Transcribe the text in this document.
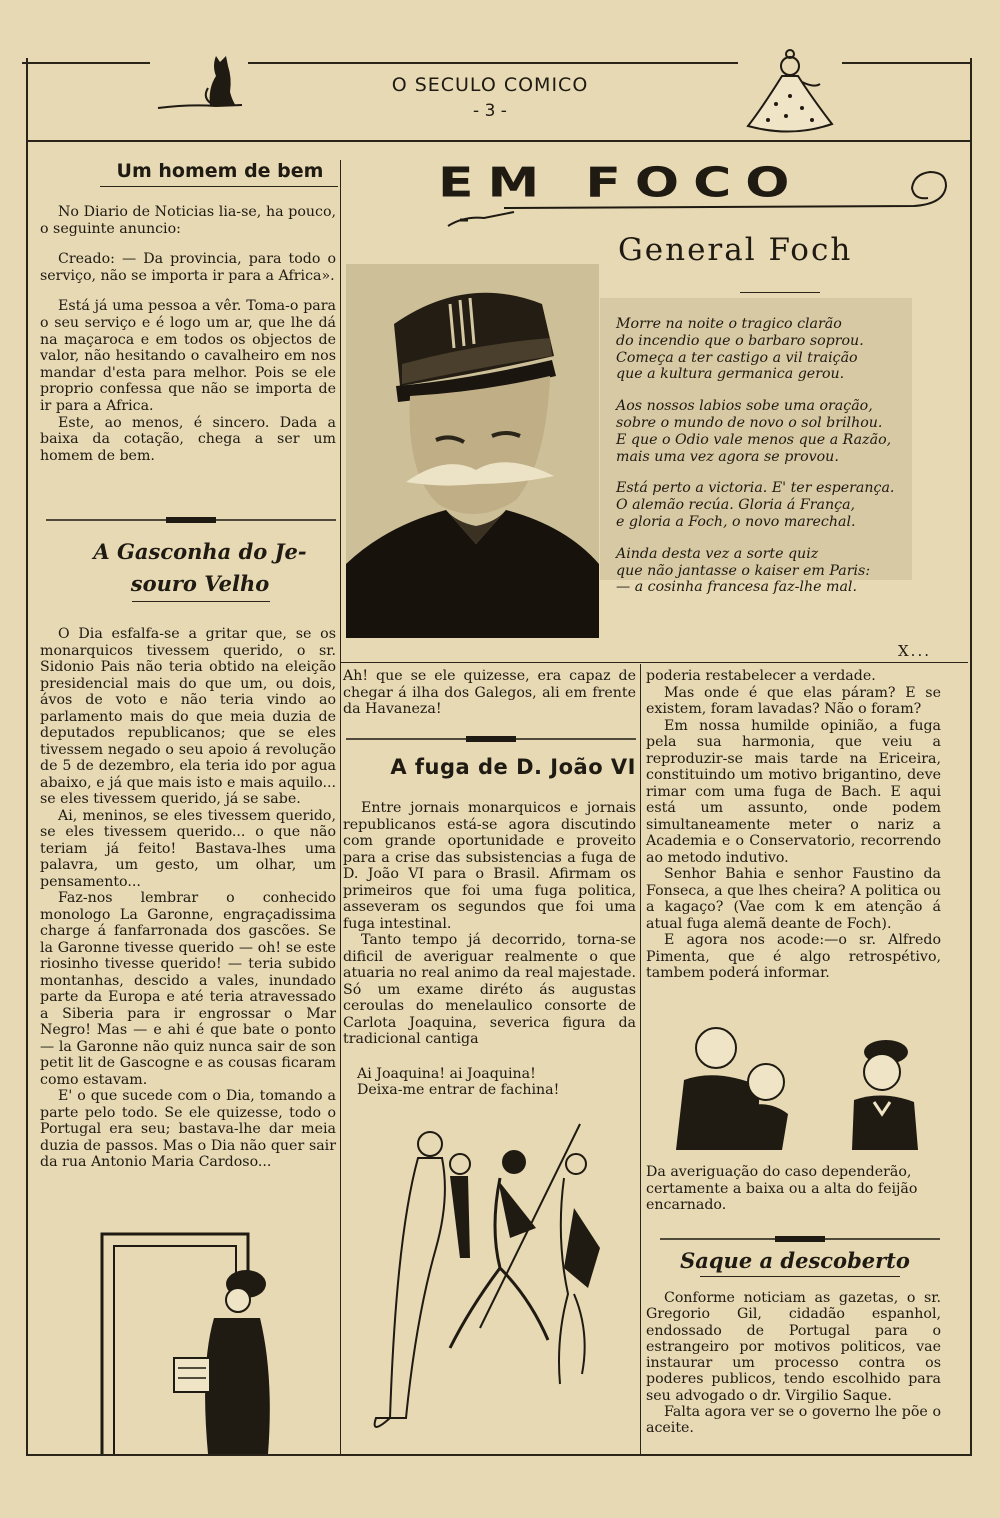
O SECULO COMICO
- 3 -
Um homem de bem

No Diario de Noticias lia-se, ha pouco, o seguinte anuncio:

Creado: — Da provincia, para todo o serviço, não se importa ir para a Africa».

Está já uma pessoa a vêr. Toma-o para o seu serviço e é logo um ar, que lhe dá na maçaroca e em todos os objectos de valor, não hesitando o cavalheiro em nos mandar d'esta para melhor. Pois se ele proprio confessa que não se importa de ir para a Africa.

Este, ao menos, é sincero. Dada a baixa da cotação, chega a ser um homem de bem.

A Gasconha do Je-
souro Velho

O Dia esfalfa-se a gritar que, se os monarquicos tivessem querido, o sr. Sidonio Pais não teria obtido na eleição presidencial mais do que um, ou dois, ávos de voto e não teria vindo ao parlamento mais do que meia duzia de deputados republicanos; que se eles tivessem negado o seu apoio á revolução de 5 de dezembro, ela teria ido por agua abaixo, e já que mais isto e mais aquilo... se eles tivessem querido, já se sabe.

Ai, meninos, se eles tivessem querido, se eles tivessem querido... o que não teriam já feito! Bastava-lhes uma palavra, um gesto, um olhar, um pensamento...

Faz-nos lembrar o conhecido monologo La Garonne, engraçadissima charge á fanfarronada dos gascões. Se la Garonne tivesse querido — oh! se este riosinho tivesse querido! — teria subido montanhas, descido a vales, inundado parte da Europa e até teria atravessado a Siberia para ir engrossar o Mar Negro! Mas — e ahi é que bate o ponto — la Garonne não quiz nunca sair de son petit lit de Gascogne e as cousas ficaram como estavam.

E' o que sucede com o Dia, tomando a parte pelo todo. Se ele quizesse, todo o Portugal era seu; bastava-lhe dar meia duzia de passos. Mas o Dia não quer sair da rua Antonio Maria Cardoso...

EM FOCO
General Foch
Morre na noite o tragico clarão
do incendio que o barbaro soprou.
Começa a ter castigo a vil traição
que a kultura germanica gerou.
Aos nossos labios sobe uma oração,
sobre o mundo de novo o sol brilhou.
E que o Odio vale menos que a Razão,
mais uma vez agora se provou.
Está perto a victoria. E' ter esperança.
O alemão recúa. Gloria á França,
e gloria a Foch, o novo marechal.
Ainda desta vez a sorte quiz
que não jantasse o kaiser em Paris:
— a cosinha francesa faz-lhe mal.
X...

Ah! que se ele quizesse, era capaz de chegar á ilha dos Galegos, ali em frente da Havaneza!

A fuga de D. João VI

Entre jornais monarquicos e jornais republicanos está-se agora discutindo com grande oportunidade e proveito para a crise das subsistencias a fuga de D. João VI para o Brasil. Afirmam os primeiros que foi uma fuga politica, asseveram os segundos que foi uma fuga intestinal.

Tanto tempo já decorrido, torna-se dificil de averiguar realmente o que atuaria no real animo da real majestade. Só um exame diréto ás augustas ceroulas do menelaulico consorte de Carlota Joaquina, severica figura da tradicional cantiga

Ai Joaquina! ai Joaquina!

Deixa-me entrar de fachina!

poderia restabelecer a verdade.

Mas onde é que elas páram? E se existem, foram lavadas? Não o foram?

Em nossa humilde opinião, a fuga pela sua harmonia, que veiu a reproduzir-se mais tarde na Ericeira, constituindo um motivo brigantino, deve rimar com uma fuga de Bach. E aqui está um assunto, onde podem simultaneamente meter o nariz a Academia e o Conservatorio, recorrendo ao metodo indutivo.

Senhor Bahia e senhor Faustino da Fonseca, a que lhes cheira? A politica ou a kagaço? (Vae com k em atenção á atual fuga alemã deante de Foch).

E agora nos acode:—o sr. Alfredo Pimenta, que é algo retrospétivo, tambem poderá informar.

Da averiguação do caso dependerão, certamente a baixa ou a alta do feijão encarnado.
Saque a descoberto

Conforme noticiam as gazetas, o sr. Gregorio Gil, cidadão espanhol, endossado de Portugal para o estrangeiro por motivos politicos, vae instaurar um processo contra os poderes publicos, tendo escolhido para seu advogado o dr. Virgilio Saque.

Falta agora ver se o governo lhe põe o aceite.
